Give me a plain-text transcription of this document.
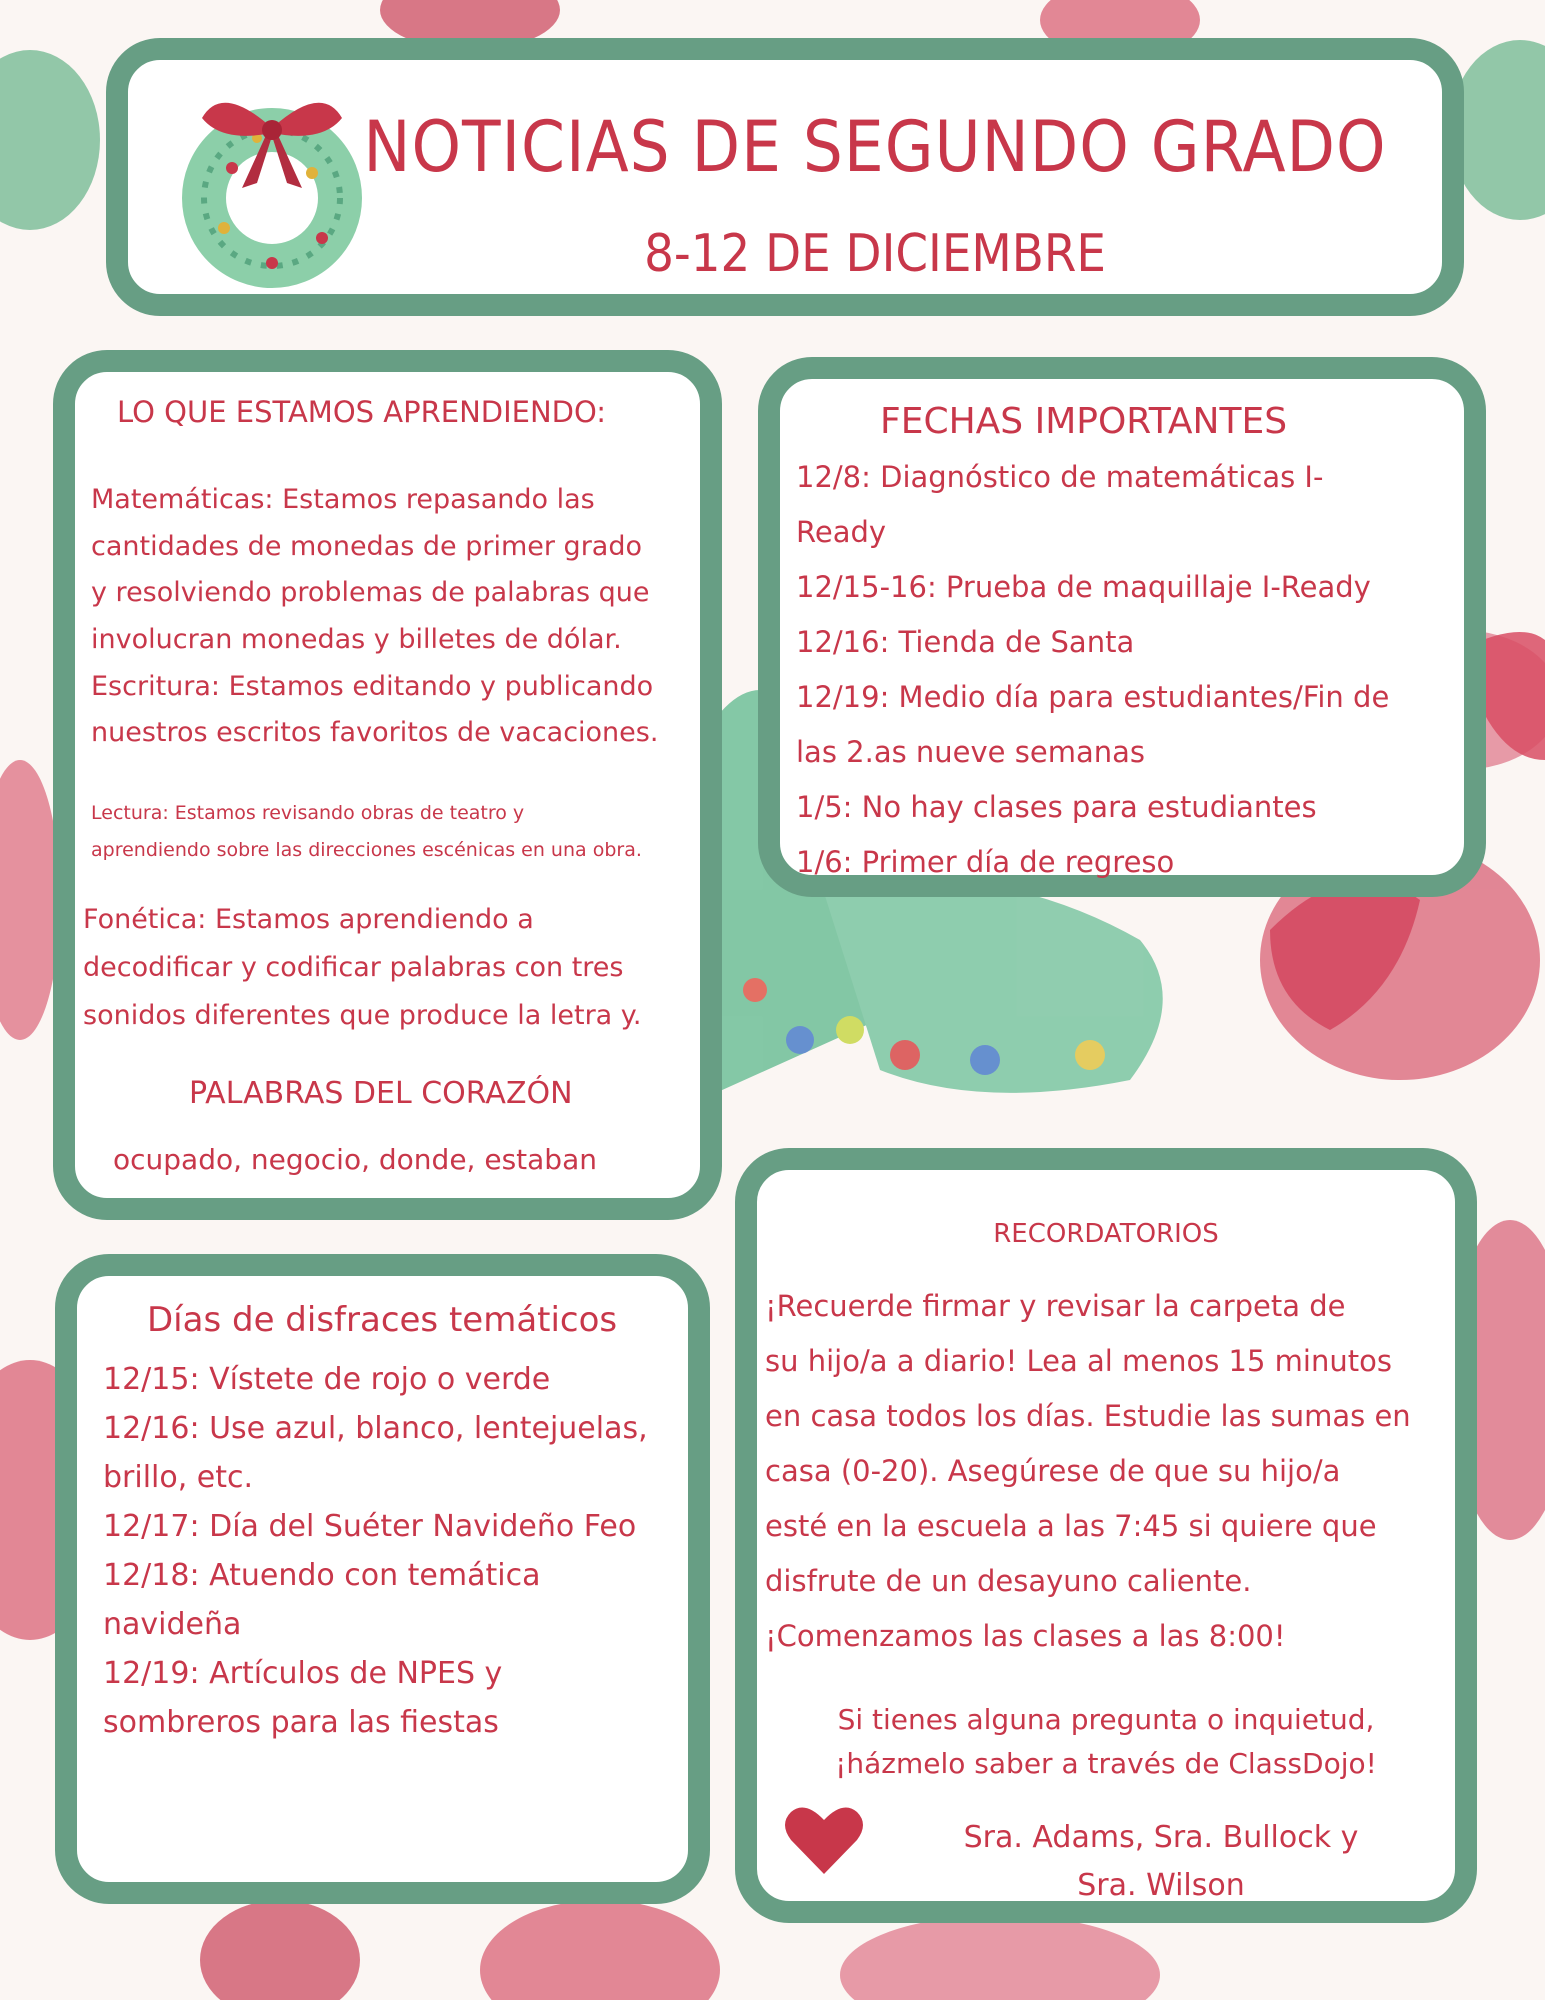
NOTICIAS DE SEGUNDO GRADO
8-12 DE DICIEMBRE
LO QUE ESTAMOS APRENDIENDO:
Matemáticas: Estamos repasando las
cantidades de monedas de primer grado
y resolviendo problemas de palabras que
involucran monedas y billetes de dólar.
Escritura: Estamos editando y publicando
nuestros escritos favoritos de vacaciones.
Lectura: Estamos revisando obras de teatro y
aprendiendo sobre las direcciones escénicas en una obra.
Fonética: Estamos aprendiendo a
decodificar y codificar palabras con tres
sonidos diferentes que produce la letra y.
PALABRAS DEL CORAZÓN
ocupado, negocio, donde, estaban
FECHAS IMPORTANTES
12/8: Diagnóstico de matemáticas I-
Ready
12/15-16: Prueba de maquillaje I-Ready
12/16: Tienda de Santa
12/19: Medio día para estudiantes/Fin de
las 2.as nueve semanas
1/5: No hay clases para estudiantes
1/6: Primer día de regreso
Días de disfraces temáticos
12/15: Vístete de rojo o verde
12/16: Use azul, blanco, lentejuelas,
brillo, etc.
12/17: Día del Suéter Navideño Feo
12/18: Atuendo con temática
navideña
12/19: Artículos de NPES y
sombreros para las fiestas
RECORDATORIOS
¡Recuerde firmar y revisar la carpeta de
su hijo/a a diario! Lea al menos 15 minutos
en casa todos los días. Estudie las sumas en
casa (0-20). Asegúrese de que su hijo/a
esté en la escuela a las 7:45 si quiere que
disfrute de un desayuno caliente.
¡Comenzamos las clases a las 8:00!
Si tienes alguna pregunta o inquietud,
¡házmelo saber a través de ClassDojo!
Sra. Adams, Sra. Bullock y
Sra. Wilson
